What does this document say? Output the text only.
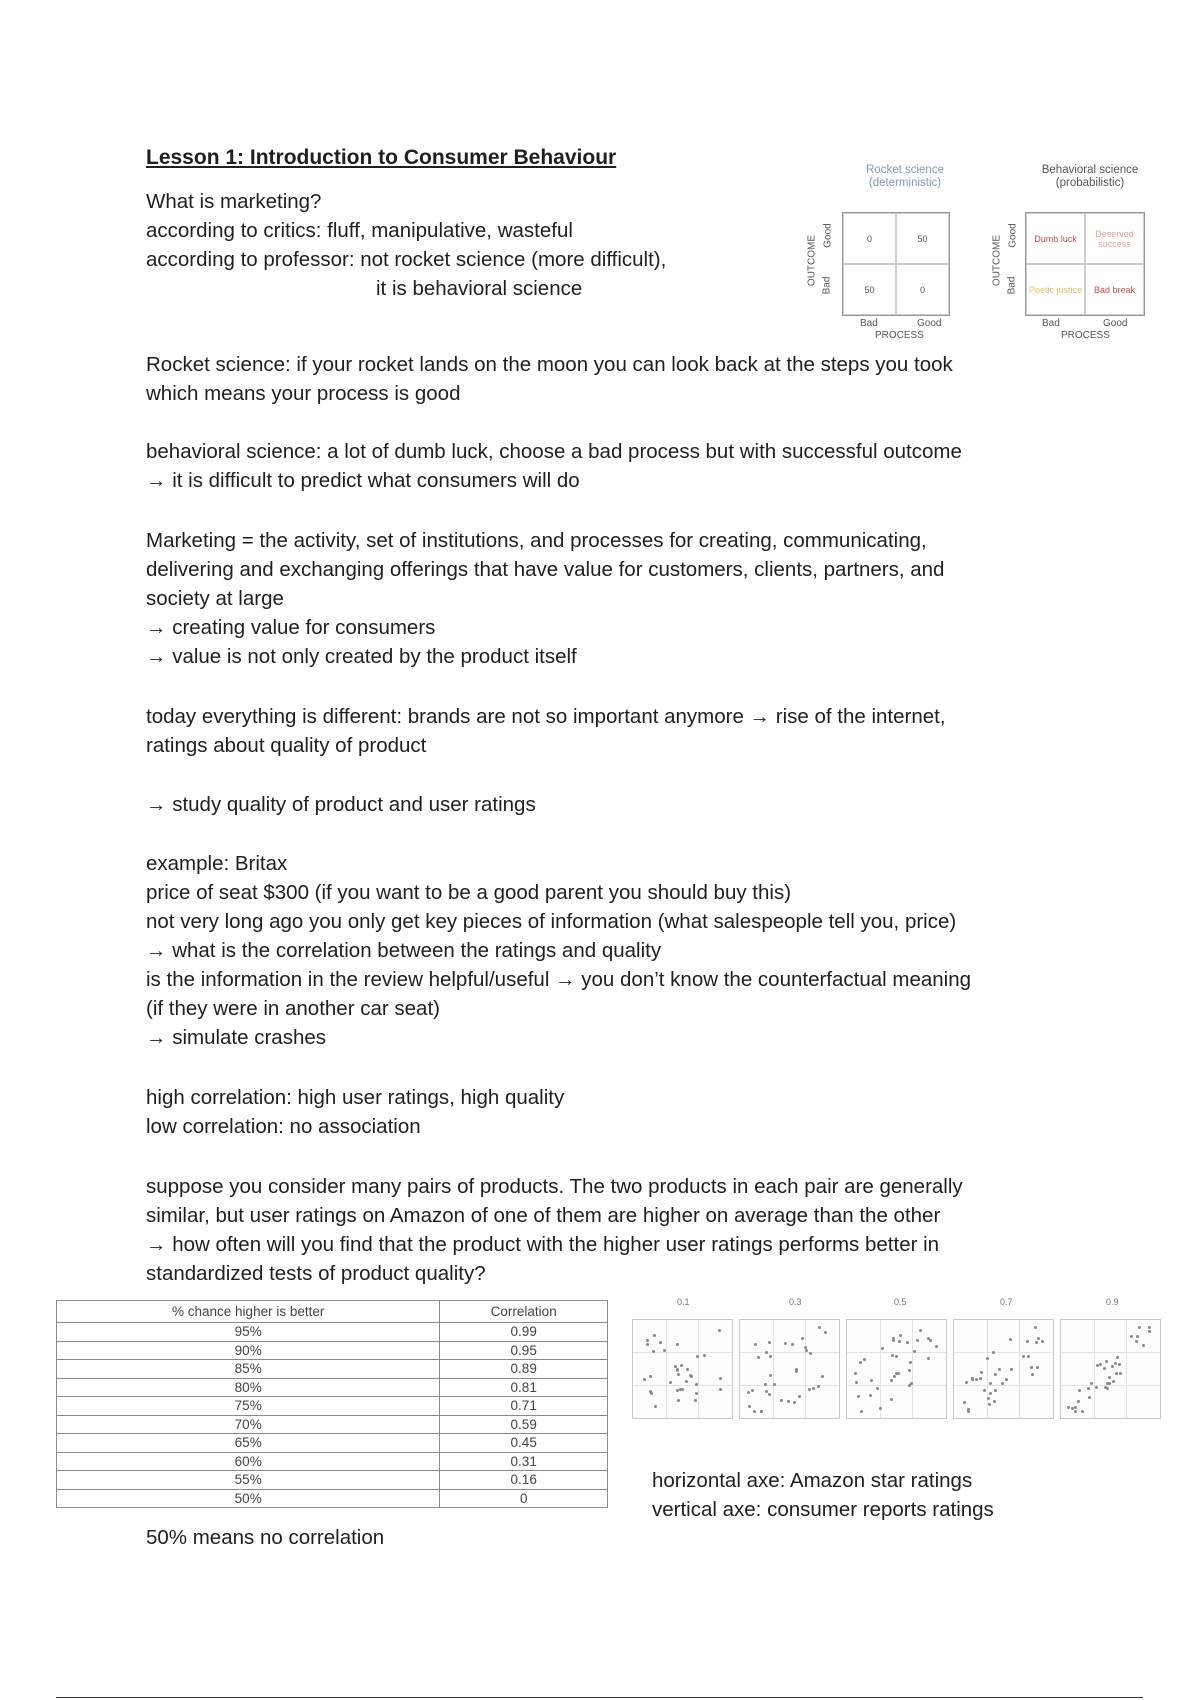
Lesson 1: Introduction to Consumer Behaviour
What is marketing?
according to critics: fluff, manipulative, wasteful
according to professor: not rocket science (more difficult),
it is behavioral science
Rocket science
(deterministic)
OUTCOME Good
Bad
0	50
50	0
Bad	Good
PROCESS
Behavioral science
(probabilistic)
OUTCOME Good
Bad
Dumb luck	Deserved success
Poetic justice	Bad break
Bad	Good
PROCESS
Rocket science: if your rocket lands on the moon you can look back at the steps you took
which means your process is good
behavioral science: a lot of dumb luck, choose a bad process but with successful outcome
→ it is difficult to predict what consumers will do
Marketing = the activity, set of institutions, and processes for creating, communicating,
delivering and exchanging offerings that have value for customers, clients, partners, and
society at large
→ creating value for consumers
→ value is not only created by the product itself
today everything is different: brands are not so important anymore → rise of the internet,
ratings about quality of product
→ study quality of product and user ratings
example: Britax
price of seat $300 (if you want to be a good parent you should buy this)
not very long ago you only get key pieces of information (what salespeople tell you, price)
→ what is the correlation between the ratings and quality
is the information in the review helpful/useful → you don’t know the counterfactual meaning
(if they were in another car seat)
→ simulate crashes
high correlation: high user ratings, high quality
low correlation: no association
suppose you consider many pairs of products. The two products in each pair are generally
similar, but user ratings on Amazon of one of them are higher on average than the other
→ how often will you find that the product with the higher user ratings performs better in
standardized tests of product quality?
% chance higher is better	Correlation
95%	0.99
90%	0.95
85%	0.89
80%	0.81
75%	0.71
70%	0.59
65%	0.45
60%	0.31
55%	0.16
50%	0
0.1	0.3	0.5	0.7	0.9
horizontal axe: Amazon star ratings
vertical axe: consumer reports ratings
50% means no correlation
